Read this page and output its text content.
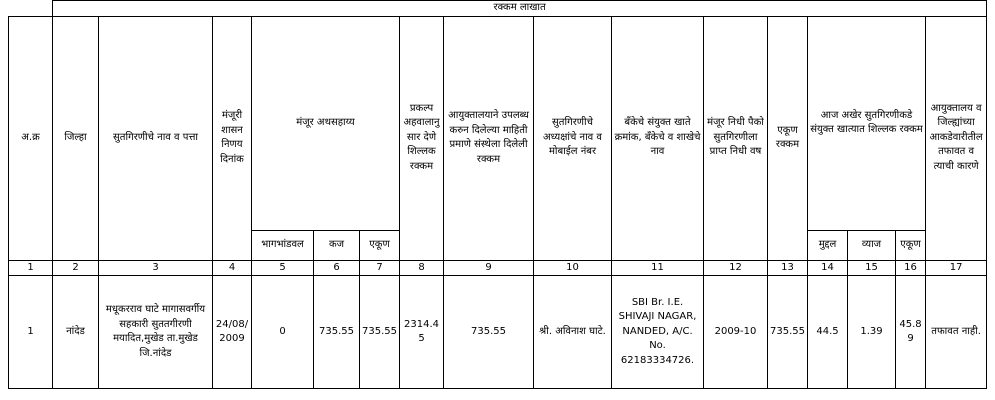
	रक्कम लाखात															
अ.क्र	जिल्हा	सुतगिरणीचे नाव व पत्ता	मंजूरी शासन निणय दिनांक	मंजूर अथसहाय्य			प्रकल्प अहवालानुसार देणे शिल्लक रक्कम	आयुक्तालयाने उपलब्ध करुन दिलेल्या माहिती प्रमाणे संस्थेला दिलेली रक्कम	सुतगिरणीचे अध्यक्षांचे नाव व मोबाईल नंबर	बँकेचे संयुक्त खाते क्रमांक, बँकेचे व शाखेचे नाव	मंजूर निधी पैको सुतगिरणीला प्राप्त निधी वष	एकूण रक्कम	आज अखेर सुतगिरणीकडे संयुक्त खात्यात शिल्लक रक्कम			आयुक्तालय व जिल्ह्यांच्या आकडेवारीतील तफावत व त्याची कारणे

				भागभांडवल	कज	एकूण							मुद्दल	व्याज	एकूण	
1	2	3	4	5	6	7	8	9	10	11	12	13	14	15	16	17
1	नांदेड	मधूकरराव घाटे मागासवर्गीय सहकारी सुततगीरणी मयादित,मुखेड ता.मुखेड जि.नांदेड	24/08/2009	0	735.55	735.55	2314.45	735.55	श्री. अविनाश घाटे.	SBI Br. I.E. SHIVAJI NAGAR, NANDED, A/C. No. 62183334726.	2009-10	735.55	44.5	1.39	45.89	तफावत नाही.
